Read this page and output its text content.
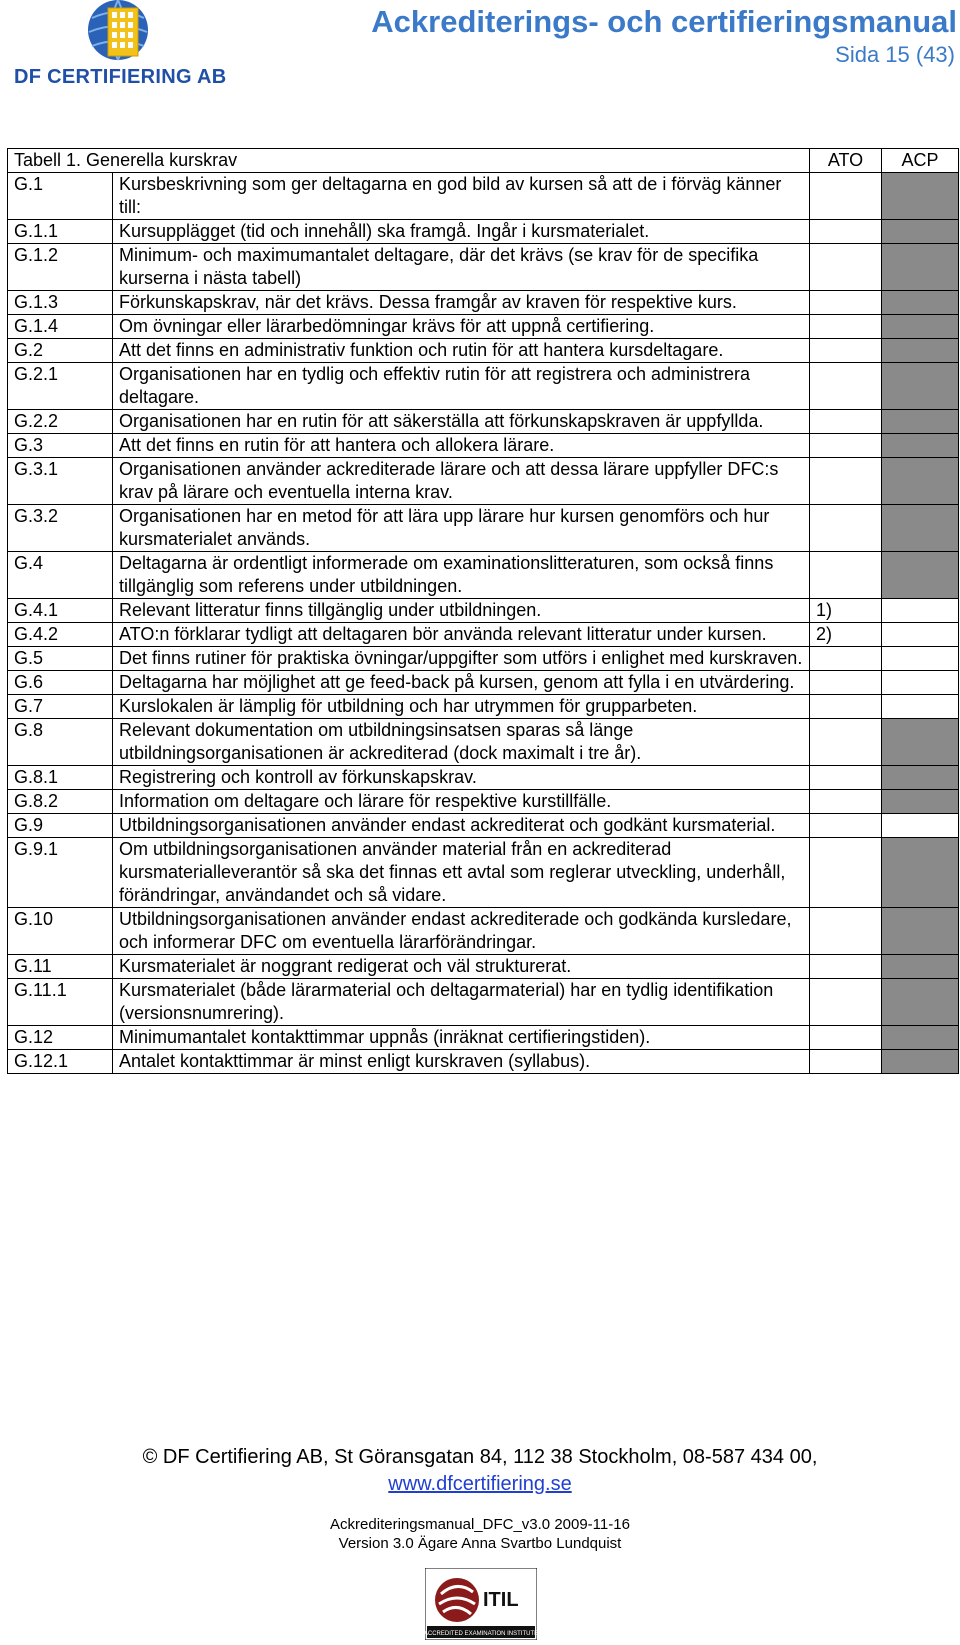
DF CERTIFIERING AB
Ackrediterings- och certifieringsmanual
Sida 15 (43)
Tabell 1. Generella kurskrav		ATO	ACP
G.1	Kursbeskrivning som ger deltagarna en god bild av kursen så att de i förväg känner till:		
G.1.1	Kursupplägget (tid och innehåll) ska framgå. Ingår i kursmaterialet.		
G.1.2	Minimum- och maximumantalet deltagare, där det krävs (se krav för de specifika kurserna i nästa tabell)		
G.1.3	Förkunskapskrav, när det krävs. Dessa framgår av kraven för respektive kurs.		
G.1.4	Om övningar eller lärarbedömningar krävs för att uppnå certifiering.		
G.2	Att det finns en administrativ funktion och rutin för att hantera kursdeltagare.		
G.2.1	Organisationen har en tydlig och effektiv rutin för att registrera och administrera deltagare.		
G.2.2	Organisationen har en rutin för att säkerställa att förkunskapskraven är uppfyllda.		
G.3	Att det finns en rutin för att hantera och allokera lärare.		
G.3.1	Organisationen använder ackrediterade lärare och att dessa lärare uppfyller DFC:s krav på lärare och eventuella interna krav.		
G.3.2	Organisationen har en metod för att lära upp lärare hur kursen genomförs och hur kursmaterialet används.		
G.4	Deltagarna är ordentligt informerade om examinationslitteraturen, som också finns tillgänglig som referens under utbildningen.		
G.4.1	Relevant litteratur finns tillgänglig under utbildningen.	1)	
G.4.2	ATO:n förklarar tydligt att deltagaren bör använda relevant litteratur under kursen.	2)	
G.5	Det finns rutiner för praktiska övningar/uppgifter som utförs i enlighet med kurskraven.		
G.6	Deltagarna har möjlighet att ge feed-back på kursen, genom att fylla i en utvärdering.		
G.7	Kurslokalen är lämplig för utbildning och har utrymmen för grupparbeten.		
G.8	Relevant dokumentation om utbildningsinsatsen sparas så länge utbildningsorganisationen är ackrediterad (dock maximalt i tre år).		
G.8.1	Registrering och kontroll av förkunskapskrav.		
G.8.2	Information om deltagare och lärare för respektive kurstillfälle.		
G.9	Utbildningsorganisationen använder endast ackrediterat och godkänt kursmaterial.		
G.9.1	Om utbildningsorganisationen använder material från en ackrediterad kursmaterialleverantör så ska det finnas ett avtal som reglerar utveckling, underhåll, förändringar, användandet och så vidare.		
G.10	Utbildningsorganisationen använder endast ackrediterade och godkända kursledare, och informerar DFC om eventuella lärarförändringar.		
G.11	Kursmaterialet är noggrant redigerat och väl strukturerat.		
G.11.1	Kursmaterialet (både lärarmaterial och deltagarmaterial) har en tydlig identifikation (versionsnumrering).		
G.12	Minimumantalet kontakttimmar uppnås (inräknat certifieringstiden).		
G.12.1	Antalet kontakttimmar är minst enligt kurskraven (syllabus).		
© DF Certifiering AB, St Göransgatan 84, 112 38 Stockholm, 08-587 434 00,
www.dfcertifiering.se
Ackrediteringsmanual_DFC_v3.0 2009-11-16
Version 3.0 Ägare Anna Svartbo Lundquist
ITIL
ACCREDITED EXAMINATION INSTITUTE
